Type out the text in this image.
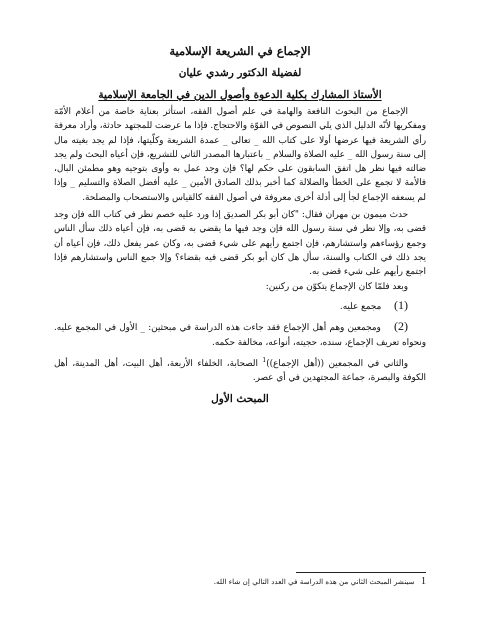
الإجماع في الشريعة الإسلامية
لفضيلة الدكتور رشدي عليان
الأستاذ المشارك بكلية الدعوة وأصول الدين في الجامعة الإسلامية

الإجماع من البحوث النافعة والهامة في علم أصول الفقه، استأثر بعناية خاصة من أعلام الأمّة ومفكريها لأنّه الدليل الذي يلي النصوص في القوّة والاحتجاج. فإذا ما عرضت للمجتهد حادثة، وأراد معرفة رأي الشريعة فيها عرضها أولا على كتاب الله _ تعالى _ عمدة الشريعة وكلّيتها، فإذا لم يجد بغيته مال إلى سنة رسول الله _ عليه الصلاة والسلام _ باعتبارها المصدر الثاني للتشريع، فإن أعياه البحث ولم يجد ضالته فيها نظر هل اتفق السابقون على حكم لها؟ فإن وجد عمل به وأوى بتوجيه وهو مطمئن البال، فالأمة لا تجمع على الخطأ والضلالة كما أخبر بذلك الصادق الأمين _ عليه أفضل الصلاة والتسليم _ وإذا لم يسعفه الإجماع لجأ إلى أدلة أخرى معروفة في أصول الفقه كالقياس والاستصحاب والمصلحة.

حدث ميمون بن مهران فقال: "كان أبو بكر الصديق إذا ورد عليه خصم نظر في كتاب الله فإن وجد قضى به، وإلا نظر في سنة رسول الله فإن وجد فيها ما يقضي به قضى به، فإن أعياه ذلك سأل الناس وجمع رؤساءهم واستشارهم، فإن اجتمع رأيهم على شيء قضى به، وكان عمر يفعل ذلك، فإن أعياه أن يجد ذلك في الكتاب والسنة، سأل هل كان أبو بكر قضى فيه بقضاء؟ وإلا جمع الناس واستشارهم فإذا اجتمع رأيهم على شيء قضى به.

وبعد فلمّا كان الإجماع يتكوّن من ركنين:

(1) مجمع عليه.
(2) ومجمعين وهم أهل الإجماع فقد جاءت هذه الدراسة في مبحثين: _ الأول في المجمع عليه. ونحواه تعريف الإجماع، سنده، حجيته، أنواعه، مخالفة حكمه.

والثاني في المجمعين ((أهل الإجماع))$^1$ الصحابة، الخلفاء الأربعة، أهل البيت، أهل المدينة، أهل الكوفة والبصرة، جماعة المجتهدين في أي عصر.

المبحث الأول
1 سينشر المبحث الثاني من هذه الدراسة في العدد التالي إن شاء الله.
